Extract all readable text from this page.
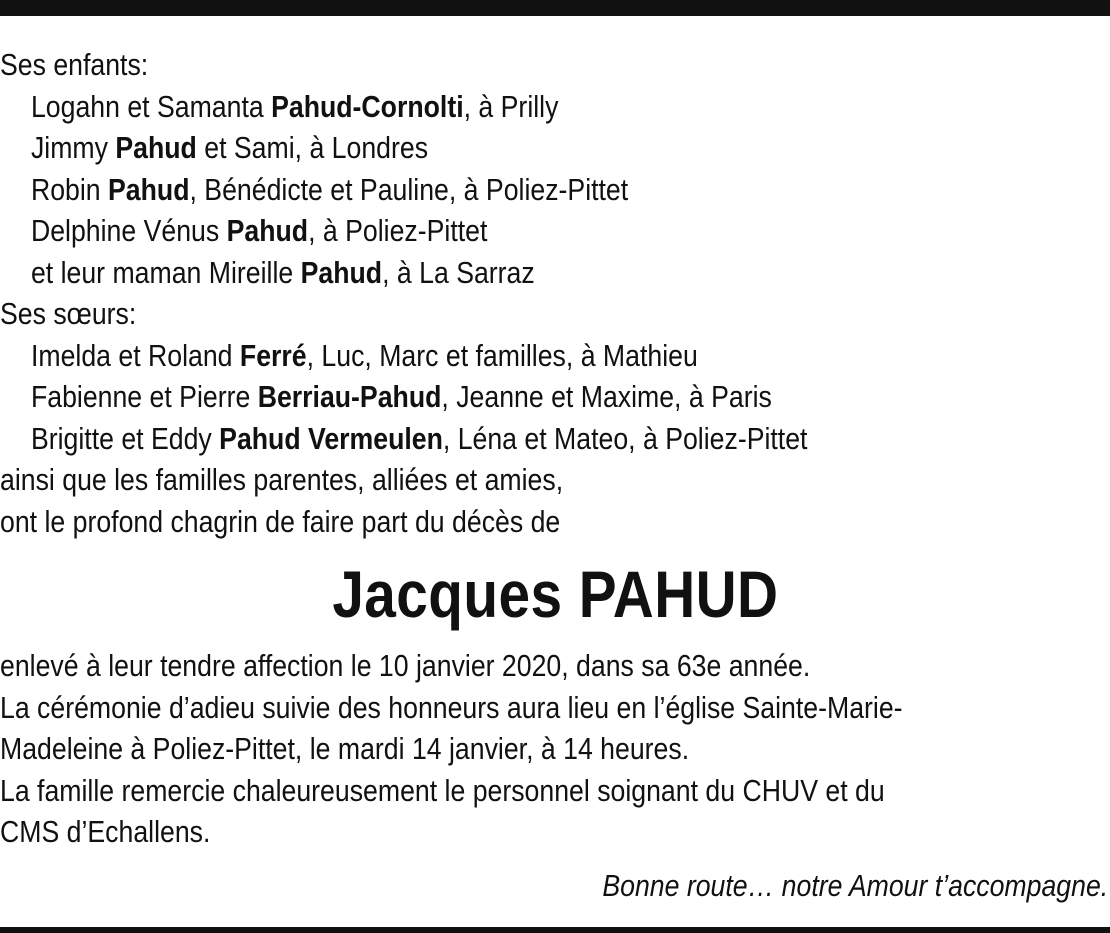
Ses enfants:
Logahn et Samanta Pahud-Cornolti, à Prilly
Jimmy Pahud et Sami, à Londres
Robin Pahud, Bénédicte et Pauline, à Poliez-Pittet
Delphine Vénus Pahud, à Poliez-Pittet
et leur maman Mireille Pahud, à La Sarraz
Ses sœurs:
Imelda et Roland Ferré, Luc, Marc et familles, à Mathieu
Fabienne et Pierre Berriau-Pahud, Jeanne et Maxime, à Paris
Brigitte et Eddy Pahud Vermeulen, Léna et Mateo, à Poliez-Pittet
ainsi que les familles parentes, alliées et amies,
ont le profond chagrin de faire part du décès de
Jacques PAHUD
enlevé à leur tendre affection le 10 janvier 2020, dans sa 63e année.
La cérémonie d’adieu suivie des honneurs aura lieu en l’église Sainte-Marie-
Madeleine à Poliez-Pittet, le mardi 14 janvier, à 14 heures.
La famille remercie chaleureusement le personnel soignant du CHUV et du
CMS d’Echallens.
Bonne route… notre Amour t’accompagne.
